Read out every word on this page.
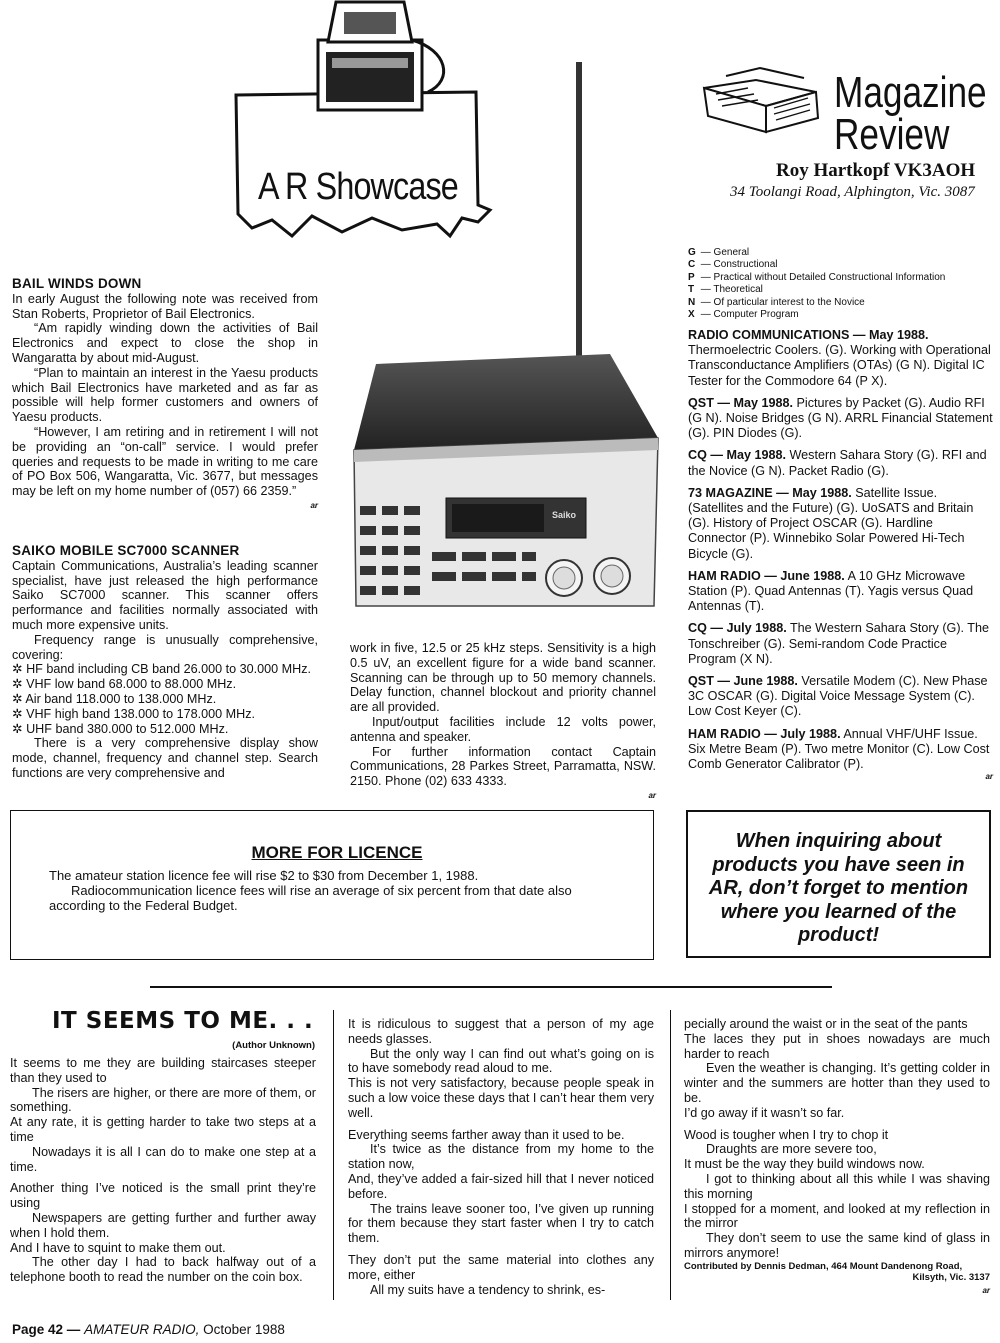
A R Showcase
Magazine
Review
Roy Hartkopf VK3AOH
34 Toolangi Road, Alphington, Vic. 3087
G — General
C — Constructional
P — Practical without Detailed Constructional Information
T — Theoretical
N — Of particular interest to the Novice
X — Computer Program
RADIO COMMUNICATIONS — May 1988. Thermoelectric Coolers. (G). Working with Operational Transconductance Amplifiers (OTAs) (G N). Digital IC Tester for the Commodore 64 (P X).
QST — May 1988. Pictures by Packet (G). Audio RFI (G N). Noise Bridges (G N). ARRL Financial Statement (G). PIN Diodes (G).
CQ — May 1988. Western Sahara Story (G). RFI and the Novice (G N). Packet Radio (G).
73 MAGAZINE — May 1988. Satellite Issue. (Satellites and the Future) (G). UoSATS and Britain (G). History of Project OSCAR (G). Hardline Connector (P). Winnebiko Solar Powered Hi-Tech Bicycle (G).
HAM RADIO — June 1988. A 10 GHz Microwave Station (P). Quad Antennas (T). Yagis versus Quad Antennas (T).
CQ — July 1988. The Western Sahara Story (G). The Tonschreiber (G). Semi-random Code Practice Program (X N).
QST — June 1988. Versatile Modem (C). New Phase 3C OSCAR (G). Digital Voice Message System (C). Low Cost Keyer (C).
HAM RADIO — July 1988. Annual VHF/UHF Issue. Six Metre Beam (P). Two metre Monitor (C). Low Cost Comb Generator Calibrator (P).
ar
BAIL WINDS DOWN
In early August the following note was received from Stan Roberts, Proprietor of Bail Electronics.
“Am rapidly winding down the activities of Bail Electronics and expect to close the shop in Wangaratta by about mid-August.
“Plan to maintain an interest in the Yaesu products which Bail Electronics have marketed and as far as possible will help former customers and owners of Yaesu products.
“However, I am retiring and in retirement I will not be providing an “on-call” service. I would prefer queries and requests to be made in writing to me care of PO Box 506, Wangaratta, Vic. 3677, but messages may be left on my home number of (057) 66 2359.”
ar
SAIKO MOBILE SC7000 SCANNER
Captain Communications, Australia’s leading scanner specialist, have just released the high performance Saiko SC7000 scanner. This scanner offers performance and facilities normally associated with much more expensive units.
Frequency range is unusually comprehensive, covering:
✲ HF band including CB band 26.000 to 30.000 MHz.
✲ VHF low band 68.000 to 88.000 MHz.
✲ Air band 118.000 to 138.000 MHz.
✲ VHF high band 138.000 to 178.000 MHz.
✲ UHF band 380.000 to 512.000 MHz.
There is a very comprehensive display show mode, channel, frequency and channel step. Search functions are very comprehensive and
work in five, 12.5 or 25 kHz steps. Sensitivity is a high 0.5 uV, an excellent figure for a wide band scanner. Scanning can be through up to 50 memory channels. Delay function, channel blockout and priority channel are all provided.
Input/output facilities include 12 volts power, antenna and speaker.
For further information contact Captain Communications, 28 Parkes Street, Parramatta, NSW. 2150. Phone (02) 633 4333.
ar
Saiko
MORE FOR LICENCE
The amateur station licence fee will rise $2 to $30 from December 1, 1988.
Radiocommunication licence fees will rise an average of six percent from that date also according to the Federal Budget.
When inquiring about products you have seen in AR, don’t forget to mention where you learned of the product!
IT SEEMS TO ME. . .
(Author Unknown)
It seems to me they are building staircases steeper than they used to
The risers are higher, or there are more of them, or something.
At any rate, it is getting harder to take two steps at a time
Nowadays it is all I can do to make one step at a time.
Another thing I’ve noticed is the small print they’re using
Newspapers are getting further and further away when I hold them.
And I have to squint to make them out.
The other day I had to back halfway out of a telephone booth to read the number on the coin box.
It is ridiculous to suggest that a person of my age needs glasses.
But the only way I can find out what’s going on is to have somebody read aloud to me.
This is not very satisfactory, because people speak in such a low voice these days that I can’t hear them very well.
Everything seems farther away than it used to be.
It’s twice as the distance from my home to the station now,
And, they’ve added a fair-sized hill that I never noticed before.
The trains leave sooner too, I’ve given up running for them because they start faster when I try to catch them.
They don’t put the same material into clothes any more, either
All my suits have a tendency to shrink, es-
pecially around the waist or in the seat of the pants
The laces they put in shoes nowadays are much harder to reach
Even the weather is changing. It’s getting colder in winter and the summers are hotter than they used to be.
I’d go away if it wasn’t so far.
Wood is tougher when I try to chop it
Draughts are more severe too,
It must be the way they build windows now.
I got to thinking about all this while I was shaving this morning
I stopped for a moment, and looked at my reflection in the mirror
They don’t seem to use the same kind of glass in mirrors anymore!
Contributed by Dennis Dedman, 464 Mount Dandenong Road,
Kilsyth, Vic. 3137
ar
Page 42 — AMATEUR RADIO, October 1988
